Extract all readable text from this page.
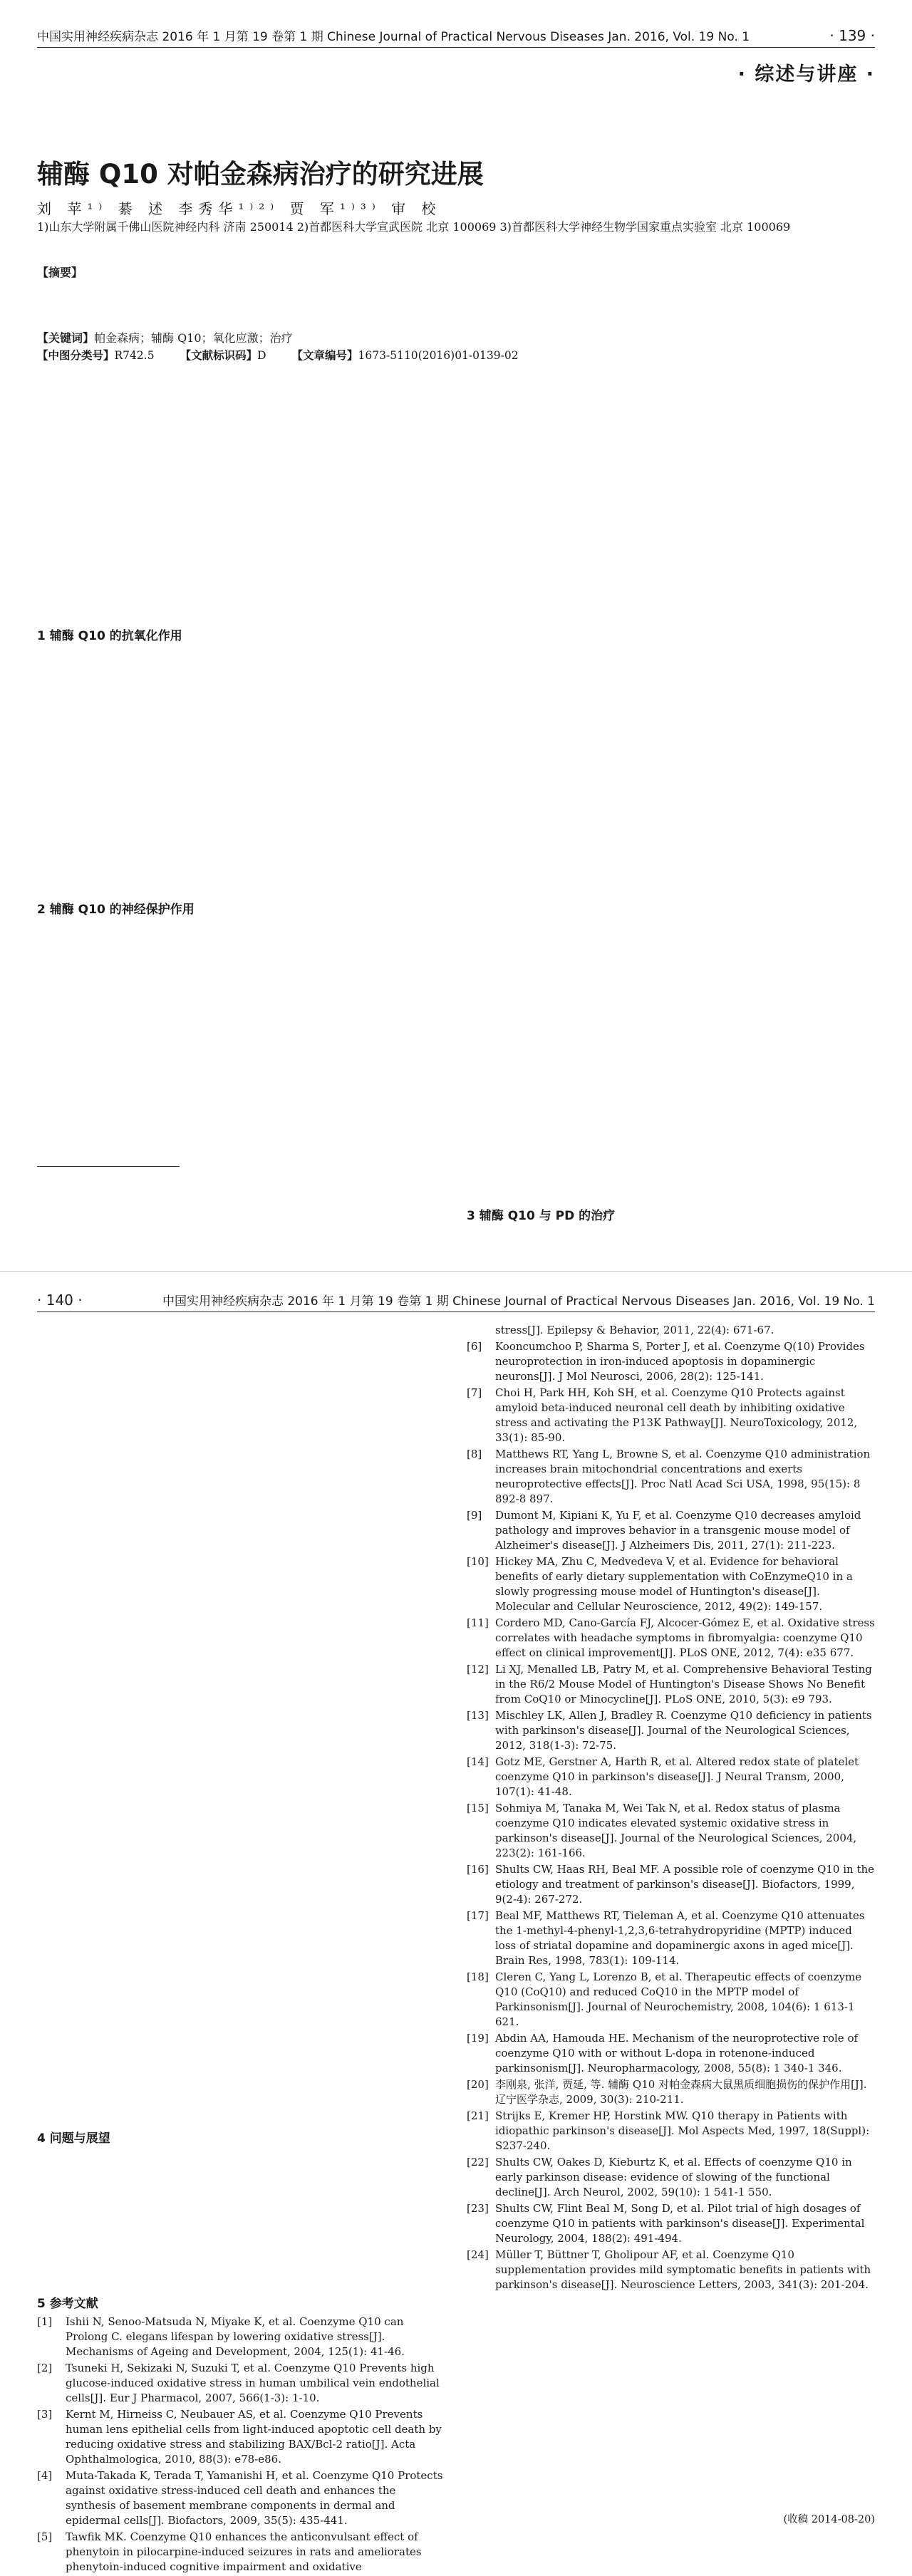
中国实用神经疾病杂志 2016 年 1 月第 19 卷第 1 期 Chinese Journal of Practical Nervous Diseases Jan. 2016, Vol. 19 No. 1	· 139 ·
· 综述与讲座 ·
辅酶 Q10 对帕金森病治疗的研究进展
刘 苹¹⁾ 綦 述 李秀华¹⁾²⁾ 贾 军¹⁾³⁾ 审 校
1)山东大学附属千佛山医院神经内科 济南 250014 2)首都医科大学宣武医院 北京 100069 3)首都医科大学神经生物学国家重点实验室 北京 100069
【摘要】
【关键词】帕金森病；辅酶 Q10；氧化应激；治疗
【中图分类号】R742.5 【文献标识码】D 【文章编号】1673-5110(2016)01-0139-02
1 辅酶 Q10 的抗氧化作用
2 辅酶 Q10 的神经保护作用
3 辅酶 Q10 与 PD 的治疗
· 140 ·	中国实用神经疾病杂志 2016 年 1 月第 19 卷第 1 期 Chinese Journal of Practical Nervous Diseases Jan. 2016, Vol. 19 No. 1
4 问题与展望
5 参考文献
[1]	Ishii N, Senoo-Matsuda N, Miyake K, et al. Coenzyme Q10 can Prolong C. elegans lifespan by lowering oxidative stress[J]. Mechanisms of Ageing and Development, 2004, 125(1): 41-46.
[2]	Tsuneki H, Sekizaki N, Suzuki T, et al. Coenzyme Q10 Prevents high glucose-induced oxidative stress in human umbilical vein endothelial cells[J]. Eur J Pharmacol, 2007, 566(1-3): 1-10.
[3]	Kernt M, Hirneiss C, Neubauer AS, et al. Coenzyme Q10 Prevents human lens epithelial cells from light-induced apoptotic cell death by reducing oxidative stress and stabilizing BAX/Bcl-2 ratio[J]. Acta Ophthalmologica, 2010, 88(3): e78-e86.
[4]	Muta-Takada K, Terada T, Yamanishi H, et al. Coenzyme Q10 Protects against oxidative stress-induced cell death and enhances the synthesis of basement membrane components in dermal and epidermal cells[J]. Biofactors, 2009, 35(5): 435-441.
[5]	Tawfik MK. Coenzyme Q10 enhances the anticonvulsant effect of phenytoin in pilocarpine-induced seizures in rats and ameliorates phenytoin-induced cognitive impairment and oxidative
stress[J]. Epilepsy & Behavior, 2011, 22(4): 671-67.
[6]	Kooncumchoo P, Sharma S, Porter J, et al. Coenzyme Q(10) Provides neuroprotection in iron-induced apoptosis in dopaminergic neurons[J]. J Mol Neurosci, 2006, 28(2): 125-141.
[7]	Choi H, Park HH, Koh SH, et al. Coenzyme Q10 Protects against amyloid beta-induced neuronal cell death by inhibiting oxidative stress and activating the P13K Pathway[J]. NeuroToxicology, 2012, 33(1): 85-90.
[8]	Matthews RT, Yang L, Browne S, et al. Coenzyme Q10 administration increases brain mitochondrial concentrations and exerts neuroprotective effects[J]. Proc Natl Acad Sci USA, 1998, 95(15): 8 892-8 897.
[9]	Dumont M, Kipiani K, Yu F, et al. Coenzyme Q10 decreases amyloid pathology and improves behavior in a transgenic mouse model of Alzheimer's disease[J]. J Alzheimers Dis, 2011, 27(1): 211-223.
[10] Hickey MA, Zhu C, Medvedeva V, et al. Evidence for behavioral benefits of early dietary supplementation with CoEnzymeQ10 in a slowly progressing mouse model of Huntington's disease[J]. Molecular and Cellular Neuroscience, 2012, 49(2): 149-157.
[11] Cordero MD, Cano-García FJ, Alcocer-Gómez E, et al. Oxidative stress correlates with headache symptoms in fibromyalgia: coenzyme Q10 effect on clinical improvement[J]. PLoS ONE, 2012, 7(4): e35 677.
[12] Li XJ, Menalled LB, Patry M, et al. Comprehensive Behavioral Testing in the R6/2 Mouse Model of Huntington's Disease Shows No Benefit from CoQ10 or Minocycline[J]. PLoS ONE, 2010, 5(3): e9 793.
[13] Mischley LK, Allen J, Bradley R. Coenzyme Q10 deficiency in patients with parkinson's disease[J]. Journal of the Neurological Sciences, 2012, 318(1-3): 72-75.
[14] Gotz ME, Gerstner A, Harth R, et al. Altered redox state of platelet coenzyme Q10 in parkinson's disease[J]. J Neural Transm, 2000, 107(1): 41-48.
[15] Sohmiya M, Tanaka M, Wei Tak N, et al. Redox status of plasma coenzyme Q10 indicates elevated systemic oxidative stress in parkinson's disease[J]. Journal of the Neurological Sciences, 2004, 223(2): 161-166.
[16] Shults CW, Haas RH, Beal MF. A possible role of coenzyme Q10 in the etiology and treatment of parkinson's disease[J]. Biofactors, 1999, 9(2-4): 267-272.
[17] Beal MF, Matthews RT, Tieleman A, et al. Coenzyme Q10 attenuates the 1-methyl-4-phenyl-1,2,3,6-tetrahydropyridine (MPTP) induced loss of striatal dopamine and dopaminergic axons in aged mice[J]. Brain Res, 1998, 783(1): 109-114.
[18] Cleren C, Yang L, Lorenzo B, et al. Therapeutic effects of coenzyme Q10 (CoQ10) and reduced CoQ10 in the MPTP model of Parkinsonism[J]. Journal of Neurochemistry, 2008, 104(6): 1 613-1 621.
[19] Abdin AA, Hamouda HE. Mechanism of the neuroprotective role of coenzyme Q10 with or without L-dopa in rotenone-induced parkinsonism[J]. Neuropharmacology, 2008, 55(8): 1 340-1 346.
[20] 李刚泉, 张洋, 贾延, 等. 辅酶 Q10 对帕金森病大鼠黑质细胞损伤的保护作用[J]. 辽宁医学杂志, 2009, 30(3): 210-211.
[21] Strijks E, Kremer HP, Horstink MW. Q10 therapy in Patients with idiopathic parkinson's disease[J]. Mol Aspects Med, 1997, 18(Suppl): S237-240.
[22] Shults CW, Oakes D, Kieburtz K, et al. Effects of coenzyme Q10 in early parkinson disease: evidence of slowing of the functional decline[J]. Arch Neurol, 2002, 59(10): 1 541-1 550.
[23] Shults CW, Flint Beal M, Song D, et al. Pilot trial of high dosages of coenzyme Q10 in patients with parkinson's disease[J]. Experimental Neurology, 2004, 188(2): 491-494.
[24] Müller T, Büttner T, Gholipour AF, et al. Coenzyme Q10 supplementation provides mild symptomatic benefits in patients with parkinson's disease[J]. Neuroscience Letters, 2003, 341(3): 201-204.
(收稿 2014-08-20)
